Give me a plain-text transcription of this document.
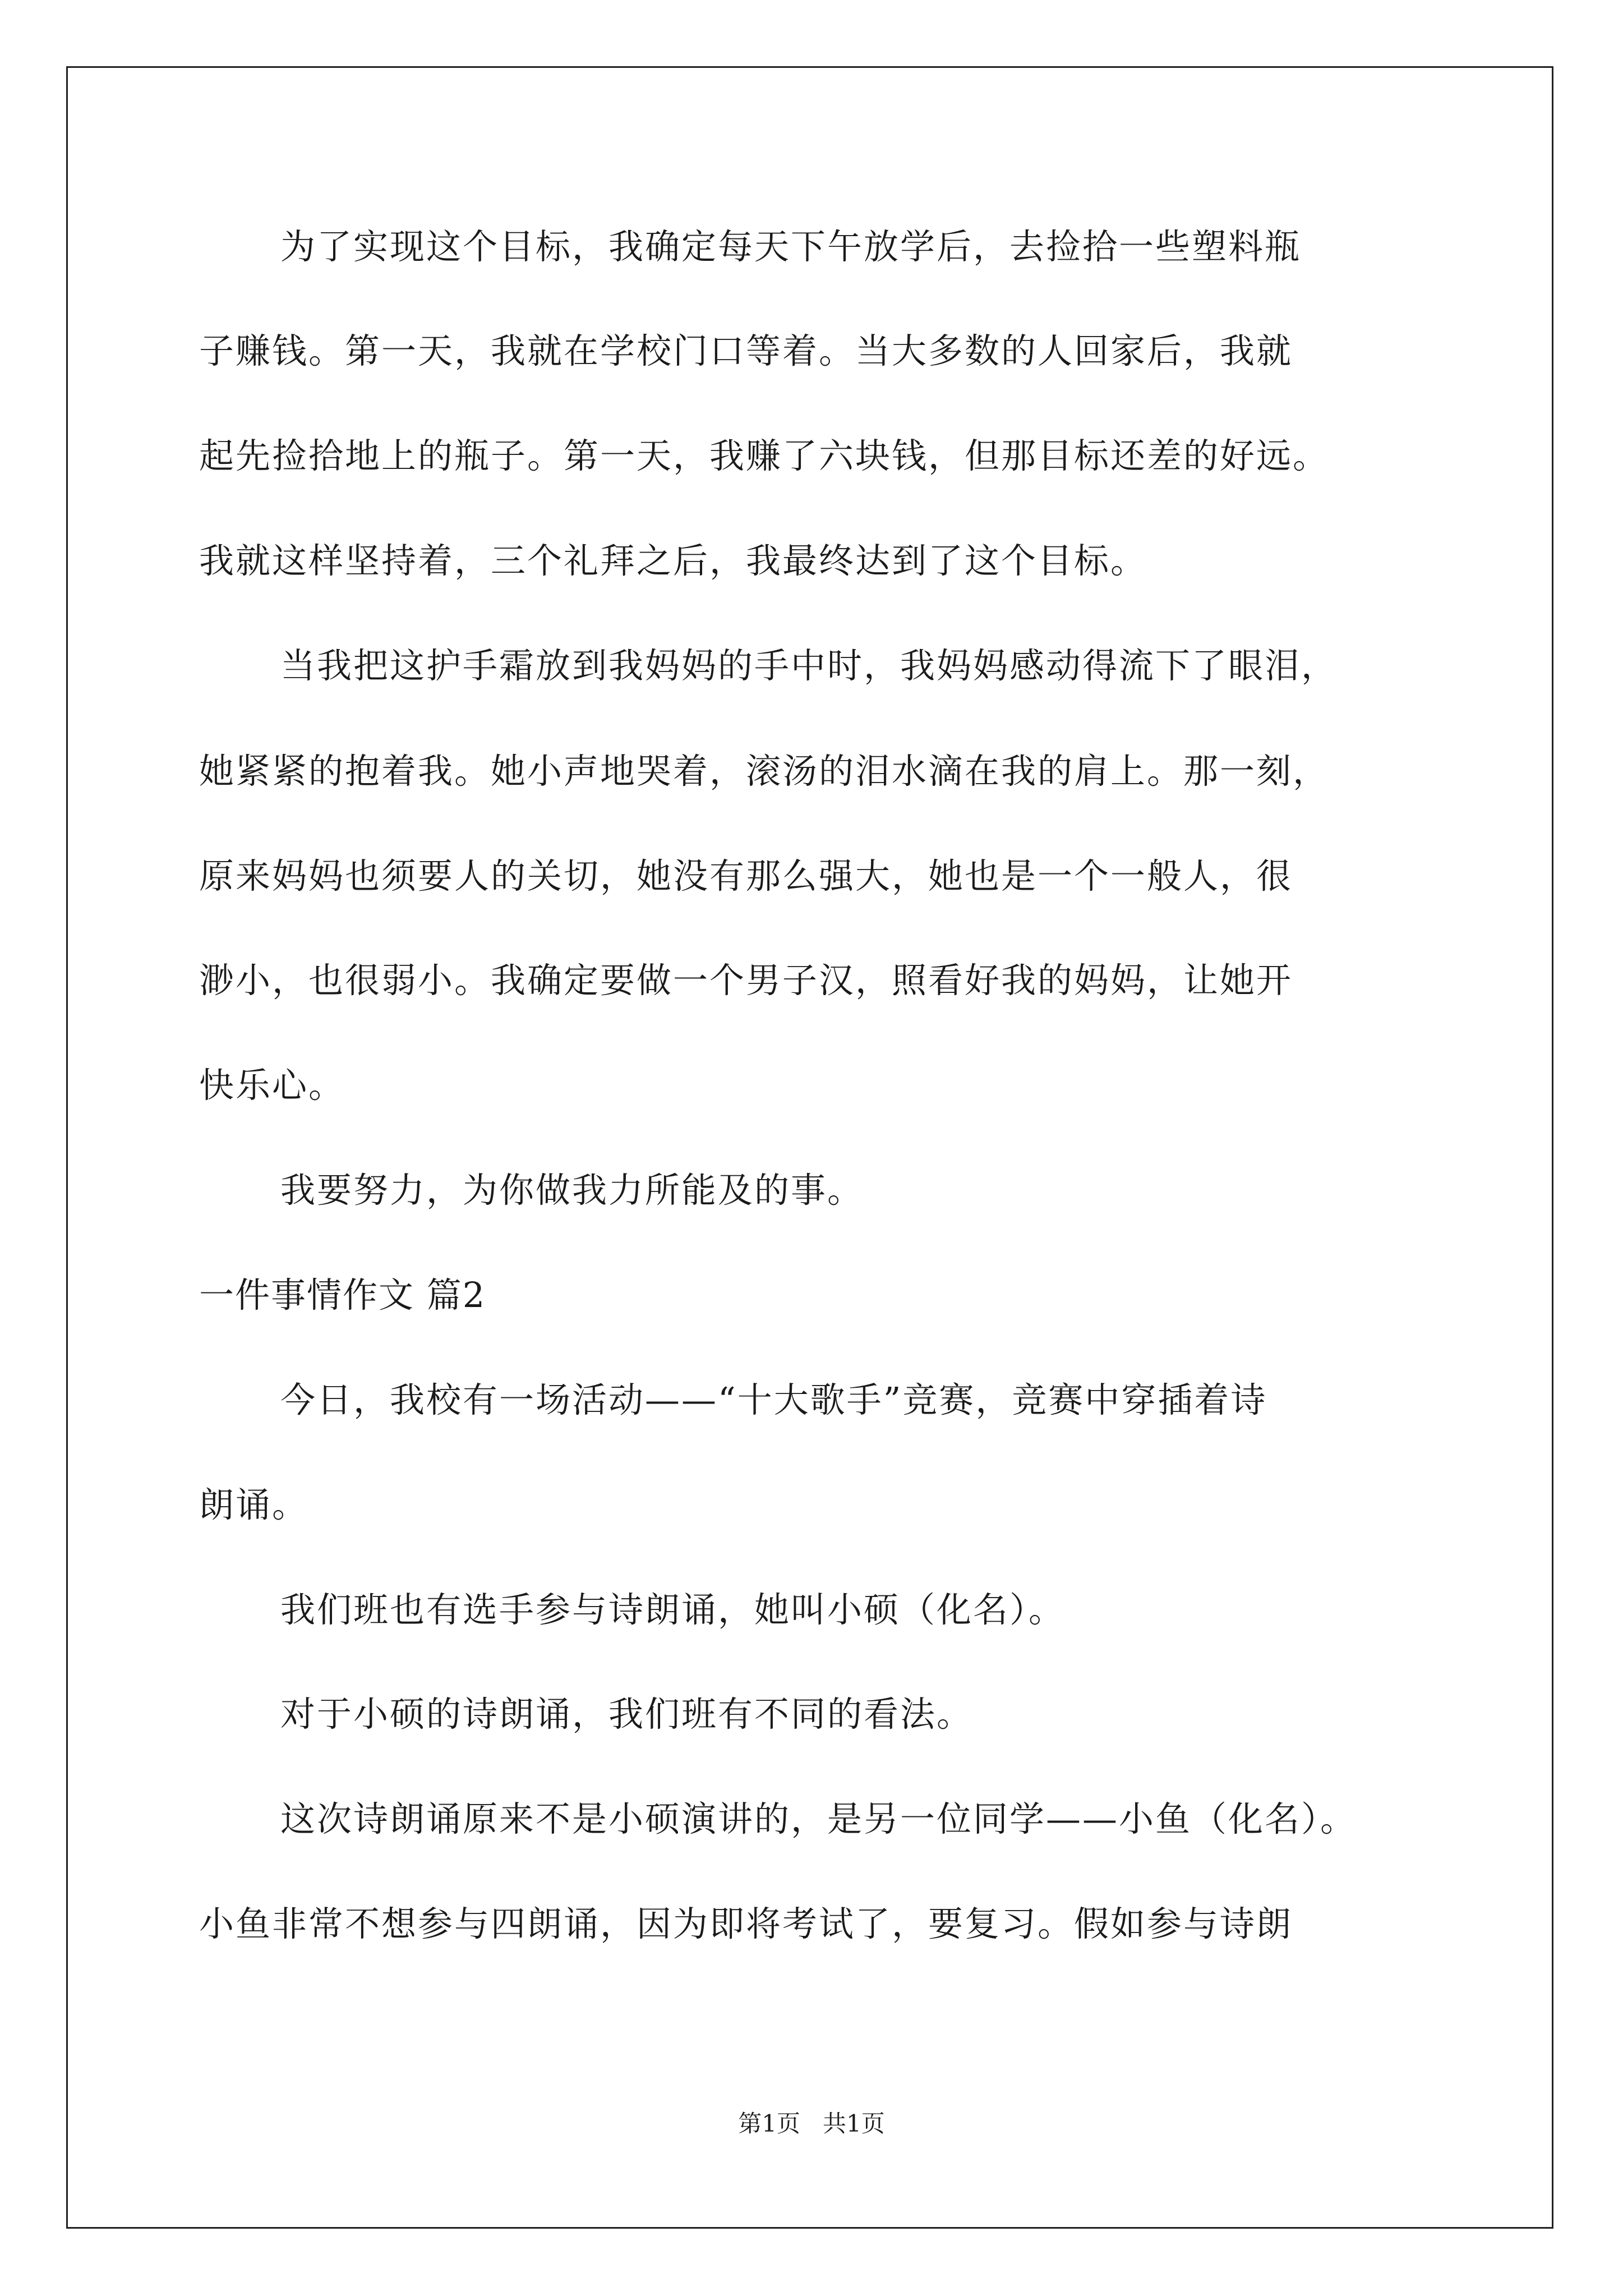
为了实现这个目标，我确定每天下午放学后，去捡拾一些塑料瓶
子赚钱。第一天，我就在学校门口等着。当大多数的人回家后，我就
起先捡拾地上的瓶子。第一天，我赚了六块钱，但那目标还差的好远。
我就这样坚持着，三个礼拜之后，我最终达到了这个目标。
当我把这护手霜放到我妈妈的手中时，我妈妈感动得流下了眼泪，
她紧紧的抱着我。她小声地哭着，滚汤的泪水滴在我的肩上。那一刻，
原来妈妈也须要人的关切，她没有那么强大，她也是一个一般人，很
渺小，也很弱小。我确定要做一个男子汉，照看好我的妈妈，让她开
快乐心。
我要努力，为你做我力所能及的事。
一件事情作文 篇2
今日，我校有一场活动——“十大歌手”竞赛，竞赛中穿插着诗
朗诵。
我们班也有选手参与诗朗诵，她叫小硕（化名）。
对于小硕的诗朗诵，我们班有不同的看法。
这次诗朗诵原来不是小硕演讲的，是另一位同学——小鱼（化名）。
小鱼非常不想参与四朗诵，因为即将考试了，要复习。假如参与诗朗
第1页   共1页
